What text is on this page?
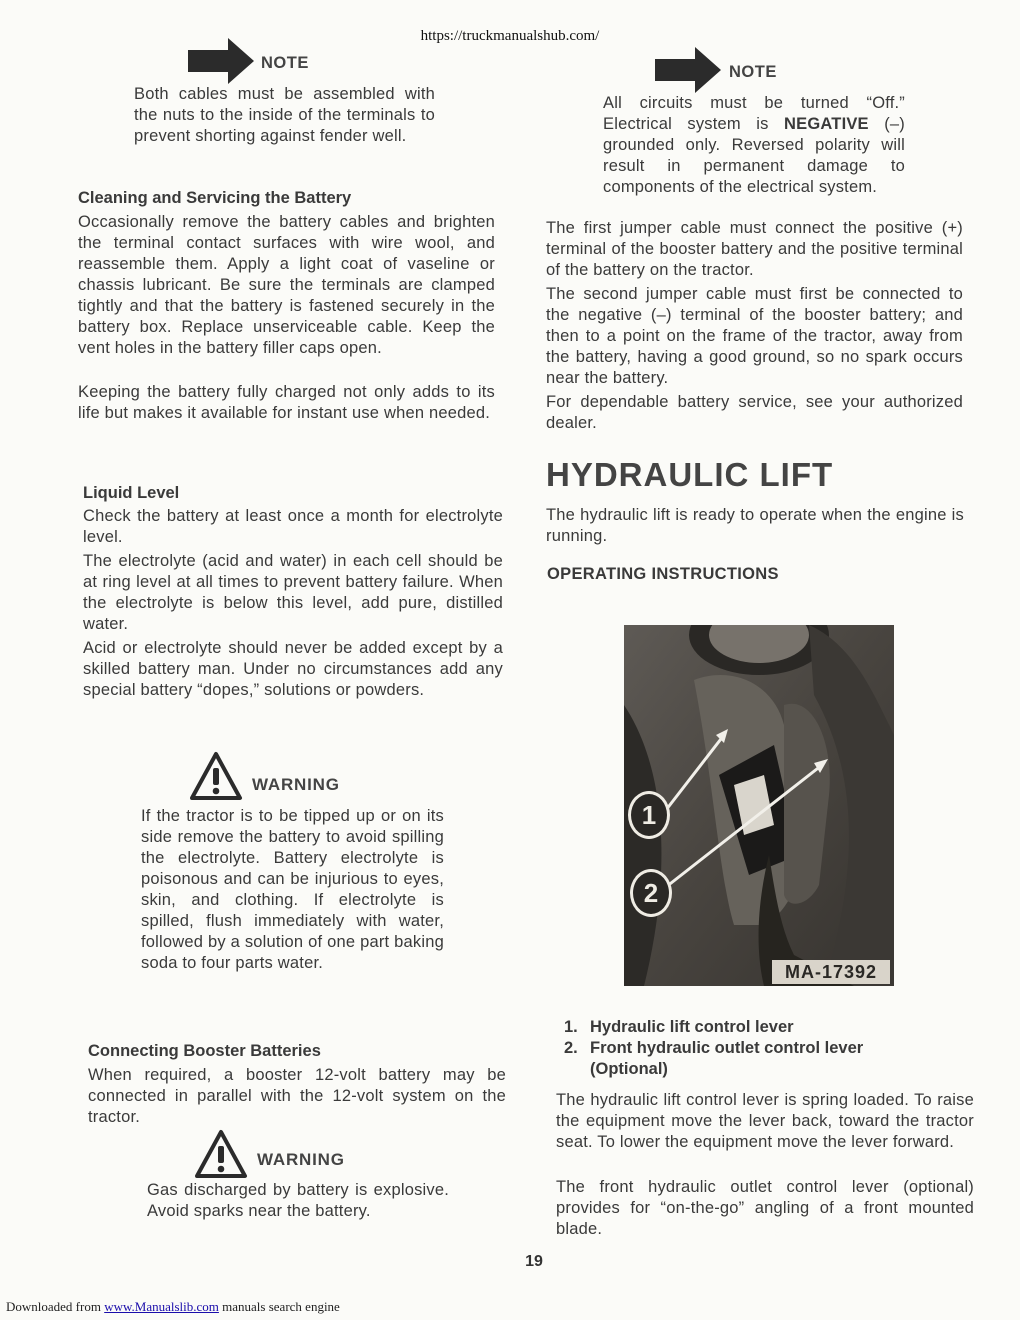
https://truckmanualshub.com/
NOTE

Both cables must be assembled with the nuts to the inside of the terminals to prevent shorting against fender well.

Cleaning and Servicing the Battery

Occasionally remove the battery cables and brighten the terminal contact surfaces with wire wool, and reassemble them. Apply a light coat of vaseline or chassis lubricant. Be sure the terminals are clamped tightly and that the battery is fastened securely in the battery box. Replace unserviceable cable. Keep the vent holes in the battery filler caps open.

Keeping the battery fully charged not only adds to its life but makes it available for instant use when needed.

Liquid Level

Check the battery at least once a month for electrolyte level.

The electrolyte (acid and water) in each cell should be at ring level at all times to prevent battery failure. When the electrolyte is below this level, add pure, distilled water.

Acid or electrolyte should never be added except by a skilled battery man. Under no circumstances add any special battery “dopes,” solutions or powders.

WARNING

If the tractor is to be tipped up or on its side remove the battery to avoid spilling the electrolyte. Battery electrolyte is poisonous and can be injurious to eyes, skin, and clothing. If electrolyte is spilled, flush immediately with water, followed by a solution of one part baking soda to four parts water.

Connecting Booster Batteries

When required, a booster 12-volt battery may be connected in parallel with the 12-volt system on the tractor.

WARNING

Gas discharged by battery is explosive. Avoid sparks near the battery.

NOTE

All circuits must be turned “Off.” Electrical system is NEGATIVE (–) grounded only. Reversed polarity will result in permanent damage to components of the electrical system.

The first jumper cable must connect the positive (+) terminal of the booster battery and the positive terminal of the battery on the tractor.

The second jumper cable must first be connected to the negative (–) terminal of the booster battery; and then to a point on the frame of the tractor, away from the battery, having a good ground, so no spark occurs near the battery.

For dependable battery service, see your authorized dealer.

HYDRAULIC LIFT

The hydraulic lift is ready to operate when the engine is running.

OPERATING INSTRUCTIONS
1
2
MA-17392
1. Hydraulic lift control lever
2. Front hydraulic outlet control lever (Optional)

The hydraulic lift control lever is spring loaded. To raise the equipment move the lever back, toward the tractor seat. To lower the equipment move the lever forward.

The front hydraulic outlet control lever (optional) provides for “on-the-go” angling of a front mounted blade.

19
Downloaded from www.Manualslib.com manuals search engine
